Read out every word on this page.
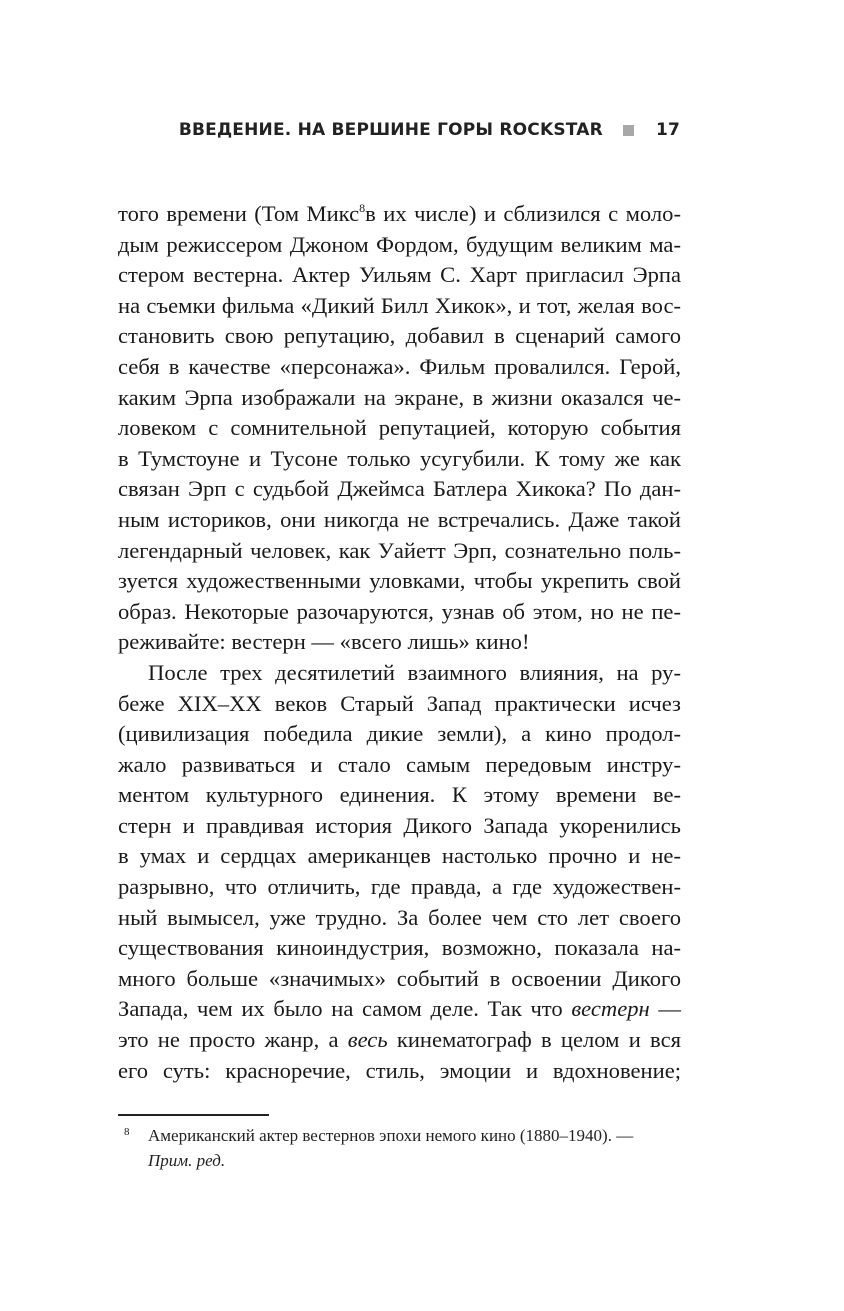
ВВЕДЕНИЕ. НА ВЕРШИНЕ ГОРЫ ROCKSTAR	17
того времени (Том Микс$^8$в их числе) и сблизился с моло-
дым режиссером Джоном Фордом, будущим великим ма-
стером вестерна. Актер Уильям С. Харт пригласил Эрпа
на съемки фильма «Дикий Билл Хикок», и тот, желая вос-
становить свою репутацию, добавил в сценарий самого
себя в качестве «персонажа». Фильм провалился. Герой,
каким Эрпа изображали на экране, в жизни оказался че-
ловеком с сомнительной репутацией, которую события
в Тумстоуне и Тусоне только усугубили. К тому же как
связан Эрп с судьбой Джеймса Батлера Хикока? По дан-
ным историков, они никогда не встречались. Даже такой
легендарный человек, как Уайетт Эрп, сознательно поль-
зуется художественными уловками, чтобы укрепить свой
образ. Некоторые разочаруются, узнав об этом, но не пе-
реживайте: вестерн — «всего лишь» кино!
После трех десятилетий взаимного влияния, на ру-
беже XIX–XX веков Старый Запад практически исчез
(цивилизация победила дикие земли), а кино продол-
жало развиваться и стало самым передовым инстру-
ментом культурного единения. К этому времени ве-
стерн и правдивая история Дикого Запада укоренились
в умах и сердцах американцев настолько прочно и не-
разрывно, что отличить, где правда, а где художествен-
ный вымысел, уже трудно. За более чем сто лет своего
существования киноиндустрия, возможно, показала на-
много больше «значимых» событий в освоении Дикого
Запада, чем их было на самом деле. Так что вестерн —
это не просто жанр, а весь кинематограф в целом и вся
его суть: красноречие, стиль, эмоции и вдохновение;
8	Американский актер вестернов эпохи немого кино (1880–1940). —
Прим. ред.
